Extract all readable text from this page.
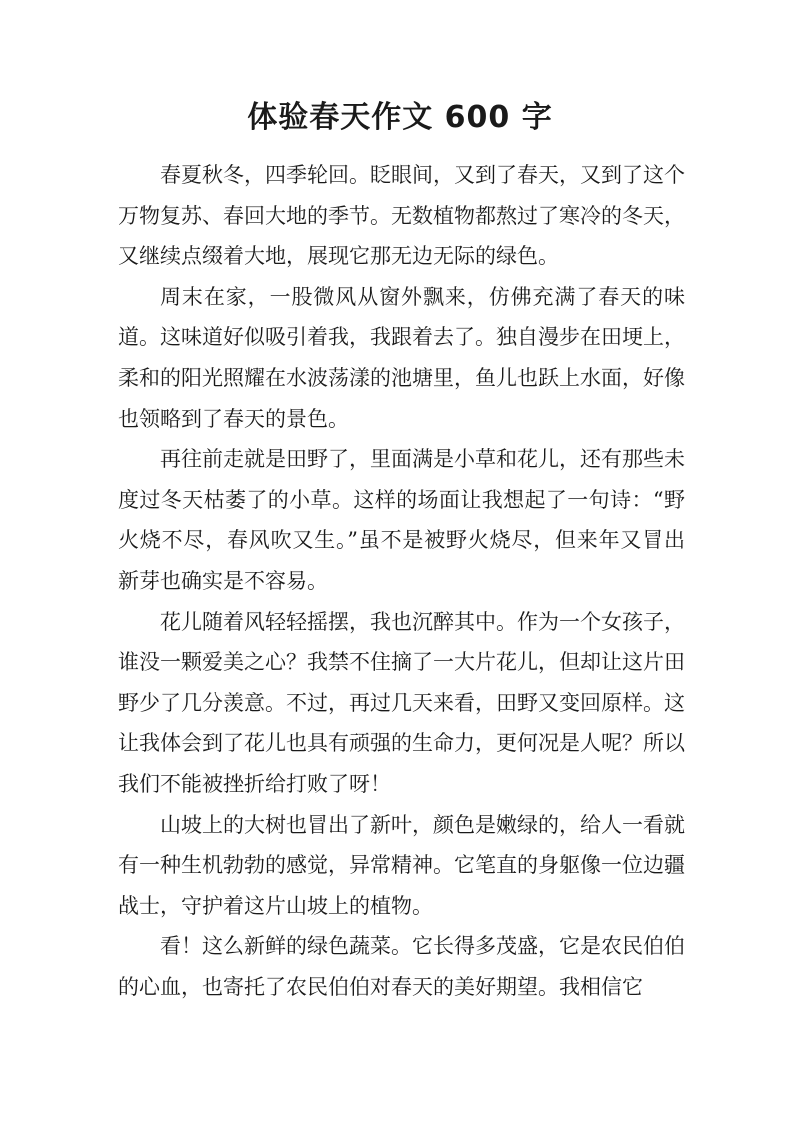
体验春天作文 600 字

春夏秋冬，四季轮回。眨眼间，又到了春天，又到了这个万物复苏、春回大地的季节。无数植物都熬过了寒冷的冬天，又继续点缀着大地，展现它那无边无际的绿色。

周末在家，一股微风从窗外飘来，仿佛充满了春天的味道。这味道好似吸引着我，我跟着去了。独自漫步在田埂上，柔和的阳光照耀在水波荡漾的池塘里，鱼儿也跃上水面，好像也领略到了春天的景色。

再往前走就是田野了，里面满是小草和花儿，还有那些未度过冬天枯萎了的小草。这样的场面让我想起了一句诗：“野火烧不尽，春风吹又生。”虽不是被野火烧尽，但来年又冒出新芽也确实是不容易。

花儿随着风轻轻摇摆，我也沉醉其中。作为一个女孩子，谁没一颗爱美之心？我禁不住摘了一大片花儿，但却让这片田野少了几分羡意。不过，再过几天来看，田野又变回原样。这让我体会到了花儿也具有顽强的生命力，更何况是人呢？所以我们不能被挫折给打败了呀！

山坡上的大树也冒出了新叶，颜色是嫩绿的，给人一看就有一种生机勃勃的感觉，异常精神。它笔直的身躯像一位边疆战士，守护着这片山坡上的植物。

看！这么新鲜的绿色蔬菜。它长得多茂盛，它是农民伯伯的心血，也寄托了农民伯伯对春天的美好期望。我相信它
